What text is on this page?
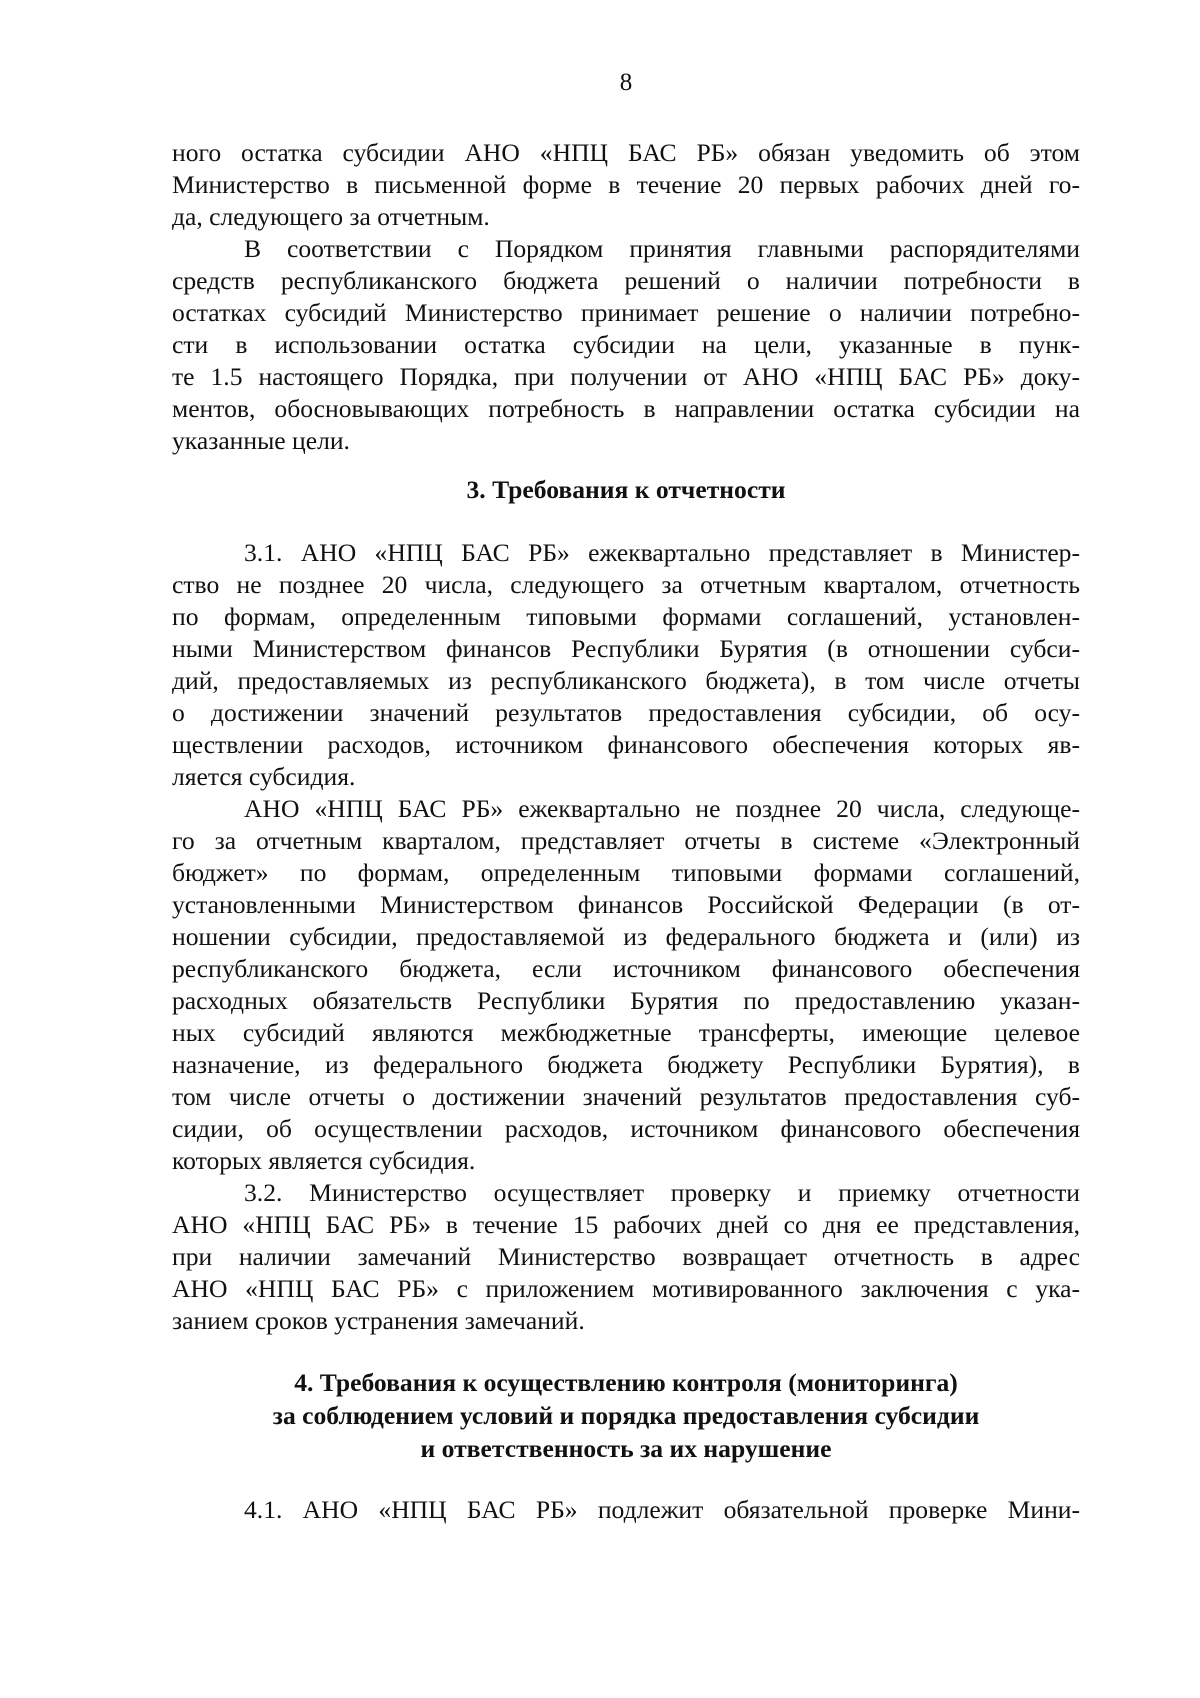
8
ного остатка субсидии АНО «НПЦ БАС РБ» обязан уведомить об этом
Министерство в письменной форме в течение 20 первых рабочих дней го-
да, следующего за отчетным.
В соответствии с Порядком принятия главными распорядителями
средств республиканского бюджета решений о наличии потребности в
остатках субсидий Министерство принимает решение о наличии потребно-
сти в использовании остатка субсидии на цели, указанные в пунк-
те 1.5 настоящего Порядка, при получении от АНО «НПЦ БАС РБ» доку-
ментов, обосновывающих потребность в направлении остатка субсидии на
указанные цели.
3. Требования к отчетности
3.1. АНО «НПЦ БАС РБ» ежеквартально представляет в Министер-
ство не позднее 20 числа, следующего за отчетным кварталом, отчетность
по формам, определенным типовыми формами соглашений, установлен-
ными Министерством финансов Республики Бурятия (в отношении субси-
дий, предоставляемых из республиканского бюджета), в том числе отчеты
о достижении значений результатов предоставления субсидии, об осу-
ществлении расходов, источником финансового обеспечения которых яв-
ляется субсидия.
АНО «НПЦ БАС РБ» ежеквартально не позднее 20 числа, следующе-
го за отчетным кварталом, представляет отчеты в системе «Электронный
бюджет» по формам, определенным типовыми формами соглашений,
установленными Министерством финансов Российской Федерации (в от-
ношении субсидии, предоставляемой из федерального бюджета и (или) из
республиканского бюджета, если источником финансового обеспечения
расходных обязательств Республики Бурятия по предоставлению указан-
ных субсидий являются межбюджетные трансферты, имеющие целевое
назначение, из федерального бюджета бюджету Республики Бурятия), в
том числе отчеты о достижении значений результатов предоставления суб-
сидии, об осуществлении расходов, источником финансового обеспечения
которых является субсидия.
3.2. Министерство осуществляет проверку и приемку отчетности
АНО «НПЦ БАС РБ» в течение 15 рабочих дней со дня ее представления,
при наличии замечаний Министерство возвращает отчетность в адрес
АНО «НПЦ БАС РБ» с приложением мотивированного заключения с ука-
занием сроков устранения замечаний.
4. Требования к осуществлению контроля (мониторинга)
за соблюдением условий и порядка предоставления субсидии
и ответственность за их нарушение
4.1. АНО «НПЦ БАС РБ» подлежит обязательной проверке Мини-
